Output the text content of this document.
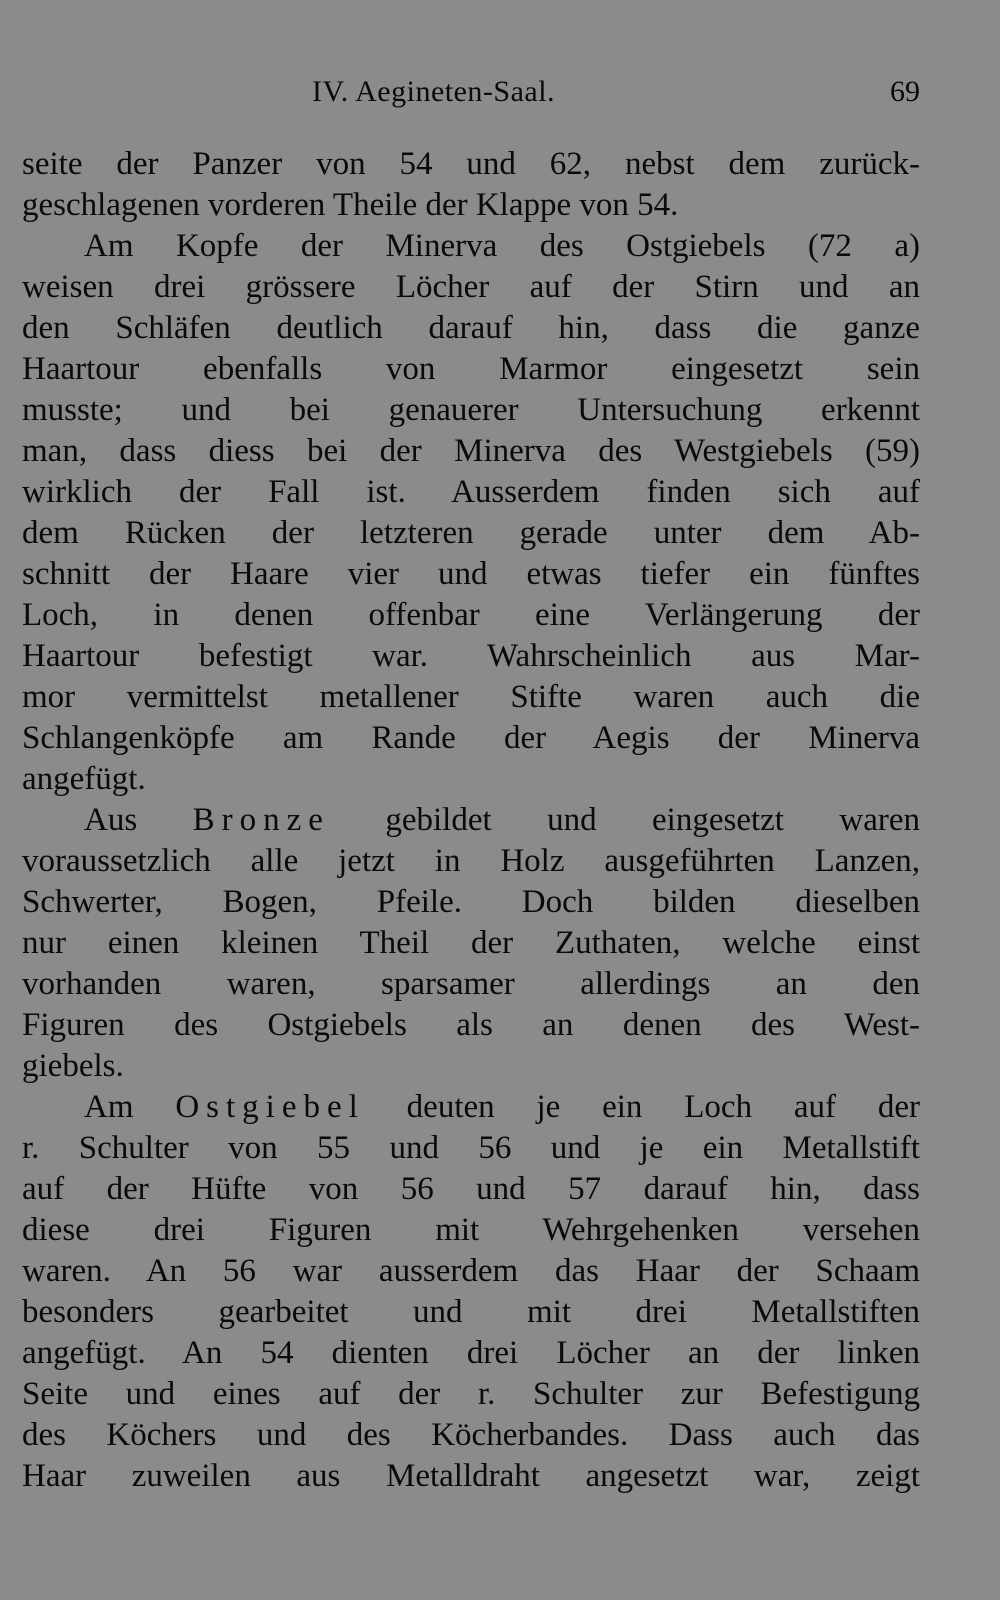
IV. Aegineten-Saal.	69
seite der Panzer von 54 und 62, nebst dem zurück-
geschlagenen vorderen Theile der Klappe von 54.
Am Kopfe der Minerva des Ostgiebels (72 a)
weisen drei grössere Löcher auf der Stirn und an
den Schläfen deutlich darauf hin, dass die ganze
Haartour ebenfalls von Marmor eingesetzt sein
musste; und bei genauerer Untersuchung erkennt
man, dass diess bei der Minerva des Westgiebels (59)
wirklich der Fall ist. Ausserdem finden sich auf
dem Rücken der letzteren gerade unter dem Ab-
schnitt der Haare vier und etwas tiefer ein fünftes
Loch, in denen offenbar eine Verlängerung der
Haartour befestigt war. Wahrscheinlich aus Mar-
mor vermittelst metallener Stifte waren auch die
Schlangenköpfe am Rande der Aegis der Minerva
angefügt.
Aus Bronze gebildet und eingesetzt waren
voraussetzlich alle jetzt in Holz ausgeführten Lanzen,
Schwerter, Bogen, Pfeile. Doch bilden dieselben
nur einen kleinen Theil der Zuthaten, welche einst
vorhanden waren, sparsamer allerdings an den
Figuren des Ostgiebels als an denen des West-
giebels.
Am Ostgiebel deuten je ein Loch auf der
r. Schulter von 55 und 56 und je ein Metallstift
auf der Hüfte von 56 und 57 darauf hin, dass
diese drei Figuren mit Wehrgehenken versehen
waren. An 56 war ausserdem das Haar der Schaam
besonders gearbeitet und mit drei Metallstiften
angefügt. An 54 dienten drei Löcher an der linken
Seite und eines auf der r. Schulter zur Befestigung
des Köchers und des Köcherbandes. Dass auch das
Haar zuweilen aus Metalldraht angesetzt war, zeigt
